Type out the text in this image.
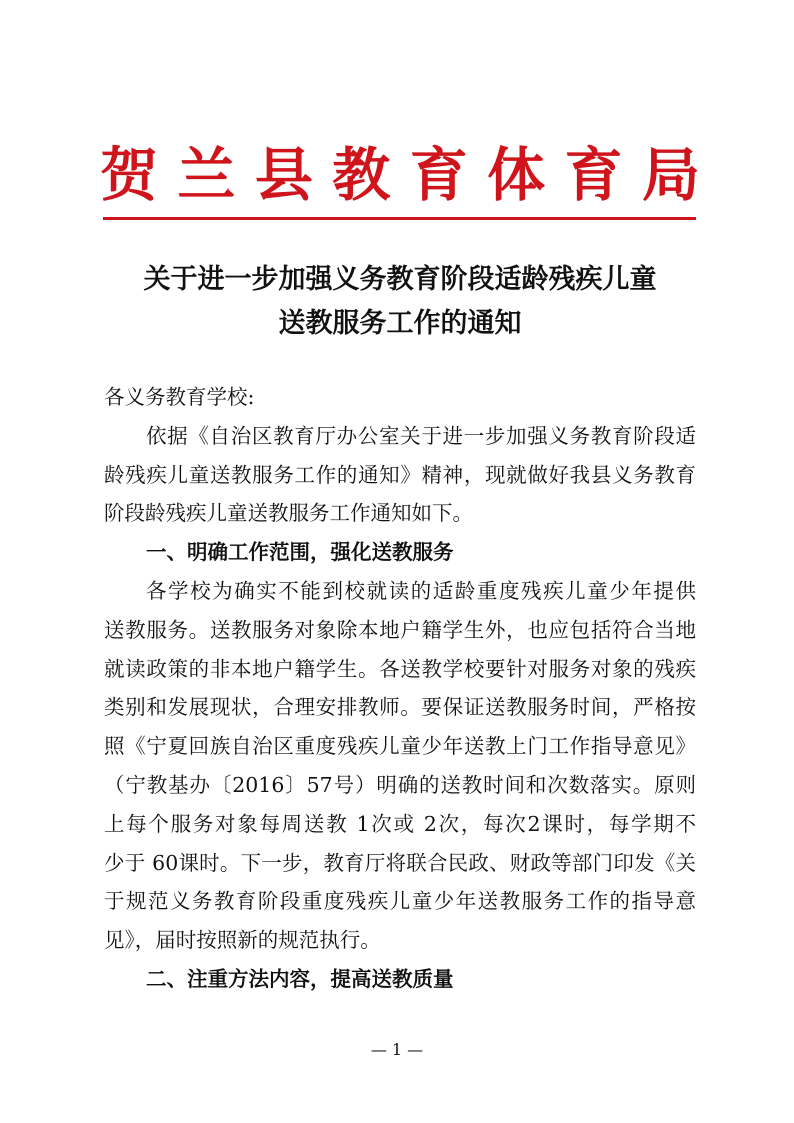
贺 兰 县 教 育 体 育 局
关于进一步加强义务教育阶段适龄残疾儿童
送教服务工作的通知
各义务教育学校:
依据《自治区教育厅办公室关于进一步加强义务教育阶段适
龄残疾儿童送教服务工作的通知》精神，现就做好我县义务教育
阶段龄残疾儿童送教服务工作通知如下。
一、明确工作范围，强化送教服务
各学校为确实不能到校就读的适龄重度残疾儿童少年提供
送教服务。送教服务对象除本地户籍学生外，也应包括符合当地
就读政策的非本地户籍学生。各送教学校要针对服务对象的残疾
类别和发展现状，合理安排教师。要保证送教服务时间，严格按
照《宁夏回族自治区重度残疾儿童少年送教上门工作指导意见》
（宁教基办〔2016〕57号）明确的送教时间和次数落实。原则
上每个服务对象每周送教 1次或 2次，每次2课时，每学期不
少于 60课时。下一步，教育厅将联合民政、财政等部门印发《关
于规范义务教育阶段重度残疾儿童少年送教服务工作的指导意
见》，届时按照新的规范执行。
二、注重方法内容，提高送教质量
— 1 —
